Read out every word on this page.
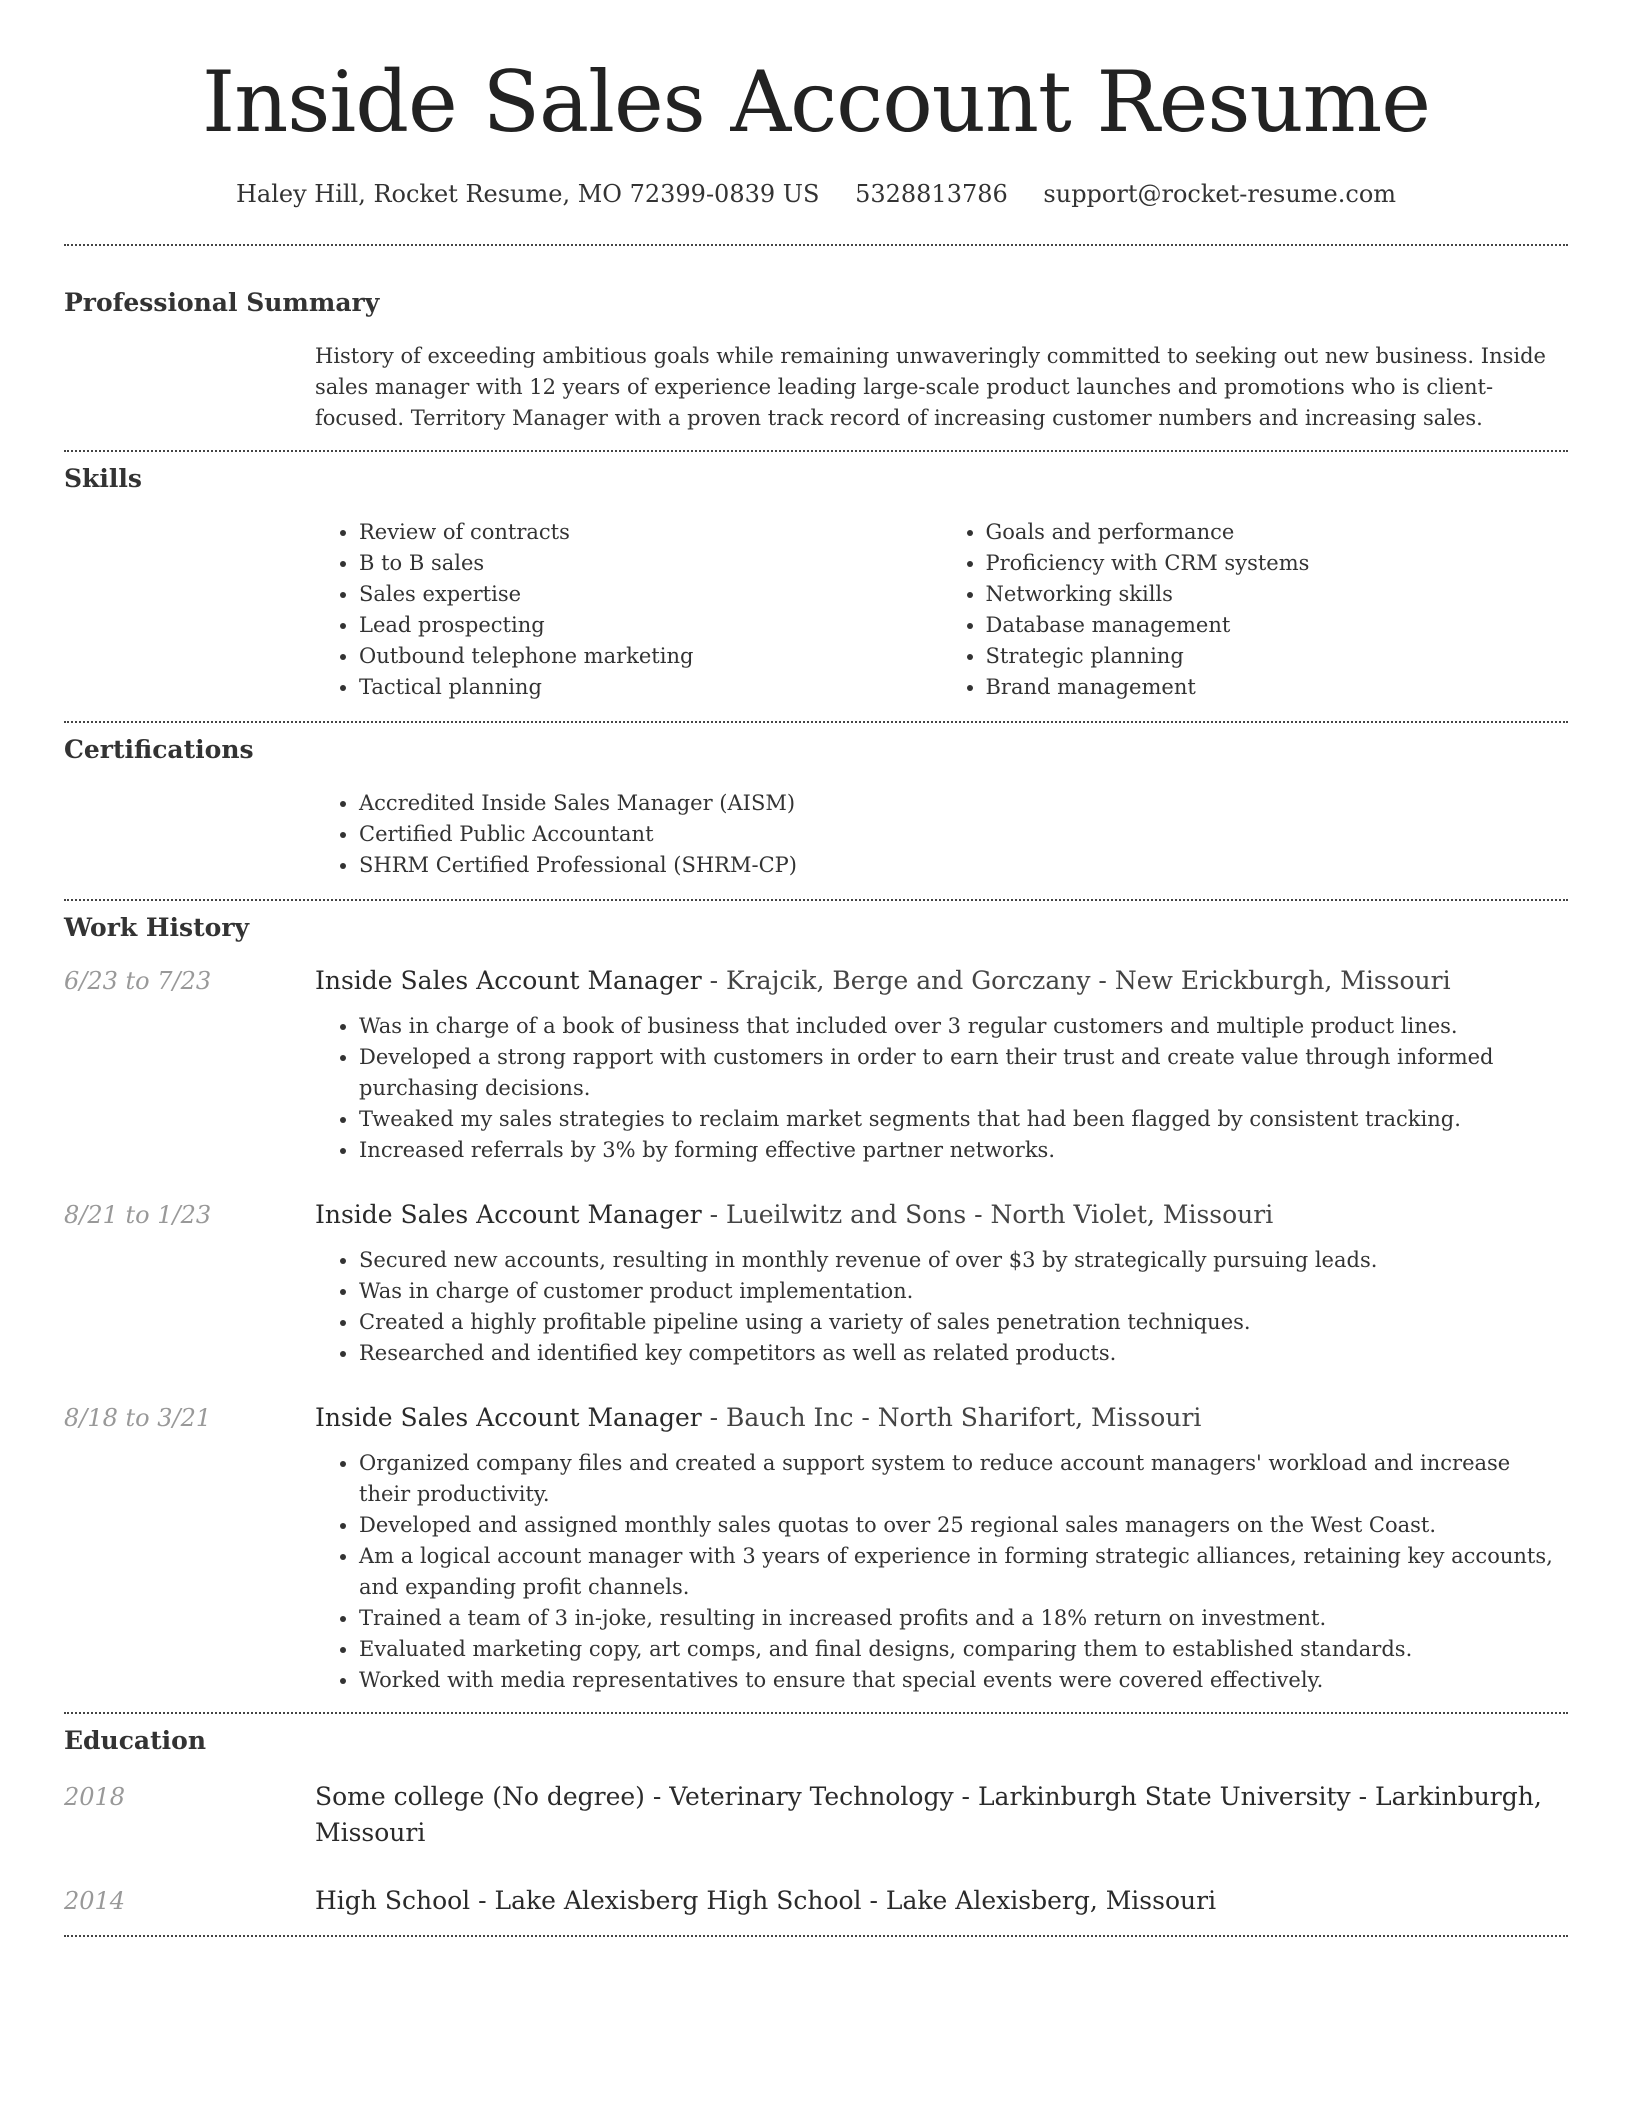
Inside Sales Account Resume
Haley Hill, Rocket Resume, MO 72399-0839 US 5328813786 support@rocket-resume.com
Professional Summary
History of exceeding ambitious goals while remaining unwaveringly committed to seeking out new business. Inside sales manager with 12 years of experience leading large-scale product launches and promotions who is client-focused. Territory Manager with a proven track record of increasing customer numbers and increasing sales.
Skills
• Review of contracts
• B to B sales
• Sales expertise
• Lead prospecting
• Outbound telephone marketing
• Tactical planning
• Goals and performance
• Proficiency with CRM systems
• Networking skills
• Database management
• Strategic planning
• Brand management
Certifications
• Accredited Inside Sales Manager (AISM)
• Certified Public Accountant
• SHRM Certified Professional (SHRM-CP)
Work History
6/23 to 7/23	Inside Sales Account Manager - Krajcik, Berge and Gorczany - New Erickburgh, Missouri
• Was in charge of a book of business that included over 3 regular customers and multiple product lines.
• Developed a strong rapport with customers in order to earn their trust and create value through informed purchasing decisions.
• Tweaked my sales strategies to reclaim market segments that had been flagged by consistent tracking.
• Increased referrals by 3% by forming effective partner networks.
8/21 to 1/23	Inside Sales Account Manager - Lueilwitz and Sons - North Violet, Missouri
• Secured new accounts, resulting in monthly revenue of over $3 by strategically pursuing leads.
• Was in charge of customer product implementation.
• Created a highly profitable pipeline using a variety of sales penetration techniques.
• Researched and identified key competitors as well as related products.
8/18 to 3/21	Inside Sales Account Manager - Bauch Inc - North Sharifort, Missouri
• Organized company files and created a support system to reduce account managers' workload and increase their productivity.
• Developed and assigned monthly sales quotas to over 25 regional sales managers on the West Coast.
• Am a logical account manager with 3 years of experience in forming strategic alliances, retaining key accounts, and expanding profit channels.
• Trained a team of 3 in-joke, resulting in increased profits and a 18% return on investment.
• Evaluated marketing copy, art comps, and final designs, comparing them to established standards.
• Worked with media representatives to ensure that special events were covered effectively.
Education
2018	Some college (No degree) - Veterinary Technology - Larkinburgh State University - Larkinburgh, Missouri
2014	High School - Lake Alexisberg High School - Lake Alexisberg, Missouri
